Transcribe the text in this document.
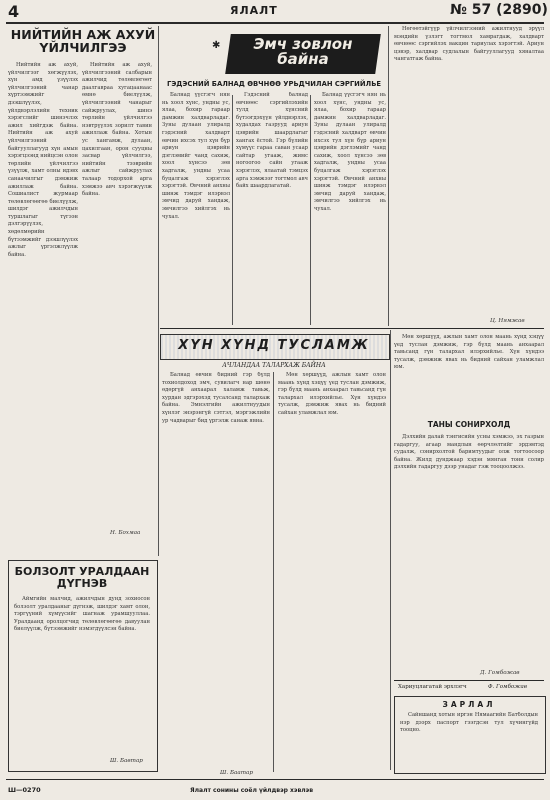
4	ЯЛАЛТ	№ 57 (2890)
НИЙТИЙН АЖ АХУЙ ҮЙЛЧИЛГЭЭ

Нийтийн аж ахуй, үйлчилгээг хөгжүүлэх, хүн амд үзүүлэх үйлчилгээний чанар хүртээмжийг дээшлүүлэх, үйлдвэрлэлийн техник хэрэгслийг шинэчлэх ажил хийгдэж байна. Нийтийн аж ахуй үйлчилгээний байгууллагууд хүн амын хэрэгцээнд нийцсэн олон төрлийн үйлчилгээ үзүүлж, хамт олны идэвх санаачилгыг дэмжиж ажиллаж байна. Сошиалист журмаар төлөвлөгөөгөө биелүүлж, шилдэг ажилчдын туршлагыг түгээн дэлгэрүүлэх, хөдөлмөрийн бүтээмжийг дээшлүүлэх ажлыг үргэлжлүүлж байна.

Нийтийн аж ахуй, үйлчилгээний салбарын ажилчид төлөвлөгөөт даалгавраа хугацаанаас өмнө биелүүлж, үйлчилгээний чанарыг сайжруулах, шинэ төрлийн үйлчилгээ нэвтрүүлэх зорилт тавин ажиллаж байна. Хотын ус хангамж, дулаан, цахилгаан, орон сууцны засвар үйлчилгээ, нийтийн тээврийн ажлыг сайжруулах талаар тодорхой арга хэмжээ авч хэрэгжүүлж байна.

Н. Бохмаа
Эмч зовлон байна
✱
ГЭДЭСНИЙ БАЛНАД ӨВЧНӨӨ УРЬДЧИЛАН СЭРГИЙЛЬЕ

Балнад үүсгэгч нян нь хоол хүнс, ундны ус, ялаа, бохир гараар дамжин халдварладаг. Зуны дулаан улиралд гэдэсний халдварт өвчин ихсэх тул хүн бүр ариун цэврийн дэглэмийг чанд сахиж, хоол хүнсээ зөв хадгалж, ундны усаа буцалгаж хэрэглэх хэрэгтэй. Өвчний анхны шинж тэмдэг илэрвэл эмчид даруй хандаж, эмчилгээ хийлгэх нь чухал.

Гэдэсний балнад өвчнөөс сэргийлэхийн тулд хүнсний бүтээгдэхүүн үйлдвэрлэх, худалдах газрууд ариун цэврийн шаардлагыг хангах ёстой. Гэр бүлийн хүмүүс гараа саван усаар сайтар угааж, жимс ногоогоо сайн угааж хэрэглэх, ялаатай тэмцэх арга хэмжээг тогтмол авч байх шаардлагатай.

Балнад үүсгэгч нян нь хоол хүнс, ундны ус, ялаа, бохир гараар дамжин халдварладаг. Зуны дулаан улиралд гэдэсний халдварт өвчин ихсэх тул хүн бүр ариун цэврийн дэглэмийг чанд сахиж, хоол хүнсээ зөв хадгалж, ундны усаа буцалгаж хэрэглэх хэрэгтэй. Өвчний анхны шинж тэмдэг илэрвэл эмчид даруй хандаж, эмчилгээ хийлгэх нь чухал.

Нөгөөтэйгүүр үйлчилгээний ажилтнууд эрүүл мэндийн үзлэгт тогтмол хамрагдаж, халдварт өвчнөөс сэргийлэх вакцин тариулах хэрэгтэй. Ариун цэвэр, халдвар судлалын байгууллагууд хяналтаа чангатгаж байна.

Ц. Нямжав
ХҮН ХҮНД ТУСЛАМЖ
АЧЛАНДАА ТАЛАРХАЖ БАЙНА

Балнад өвчин бидний гэр бүлд тохиолдоход эмч, сувилагч нар шөнө өдөргүй анхаарал халамж тавьж, хурдан эдгэрэхэд тусалсанд талархаж байна. Эмнэлгийн ажилтнуудын хүнлэг энэрэнгүй сэтгэл, мэргэжлийн ур чадварыг бид үргэлж санаж явна.

Мөн хөршүүд, ажлын хамт олон маань хүнд хэцүү үед туслан дэмжиж, гэр бүлд маань анхаарал тавьсанд гүн талархал илэрхийлье. Хүн хүндээ тусалж, дэмжиж явах нь бидний сайхан уламжлал юм.

Ш. Баатар

Мөн хөршүүд, ажлын хамт олон маань хүнд хэцүү үед туслан дэмжиж, гэр бүлд маань анхаарал тавьсанд гүн талархал илэрхийлье. Хүн хүндээ тусалж, дэмжиж явах нь бидний сайхан уламжлал юм.

ТАНЫ СОНИРХОЛД

Дэлхийн далай тэнгисийн усны хэмжээ, эх газрын гадаргуу, агаар мандлын өөрчлөлтийг эрдэмтэд судалж, сонирхолтой баримтуудыг олж тогтоосоор байна. Жилд дунджаар хэдэн мянган тонн солир дэлхийн гадаргуу дээр унадаг гэж тооцоолжээ.

Д. Гомбожав
БОЛЗОЛТ УРАЛДААН ДҮГНЭВ

Аймгийн малчид, ажилчдын дунд зохиосон болзолт уралдааныг дүгнэж, шилдэг хамт олон, тэргүүний хүмүүсийг шагнаж урамшууллаа. Уралдаанд оролцогчид төлөвлөгөөгөө давуулан биелүүлж, бүтээмжийг нэмэгдүүлсэн байна.

Ш. Бавтар
Хариуцлагатай эрхлэгч	Ф. Гомбожав
ЗАРЛАЛ

Сайншанд хотын иргэн Нямаагийн Батболдын нэр дээрх паспорт гээгдсэн тул хүчингүйд тооцно.

Ш—0270	Ялалт сонины соёл үйлдвэр хэвлэв
